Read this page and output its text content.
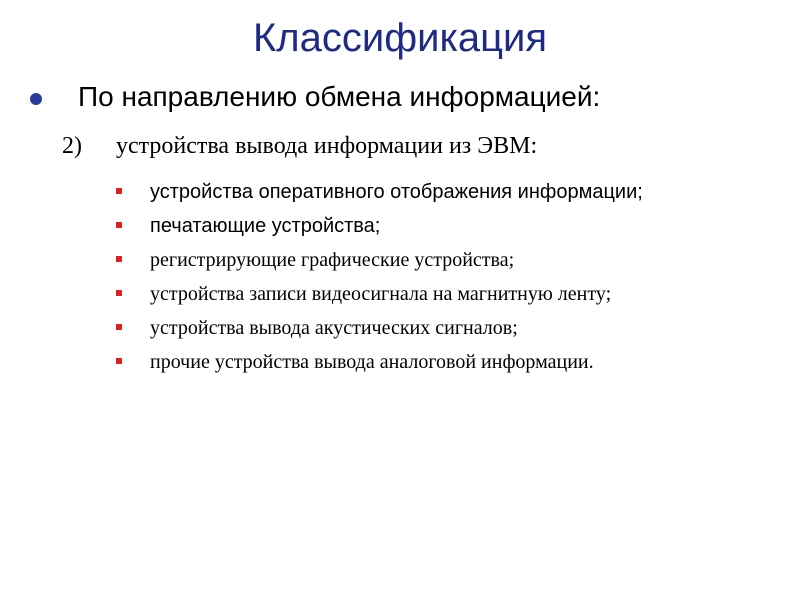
Классификация
По направлению обмена информацией:
2) устройства вывода информации из ЭВМ:
устройства оперативного отображения информации;
печатающие устройства;
регистрирующие графические устройства;
устройства записи видеосигнала на магнитную ленту;
устройства вывода акустических сигналов;
прочие устройства вывода аналоговой информации.
